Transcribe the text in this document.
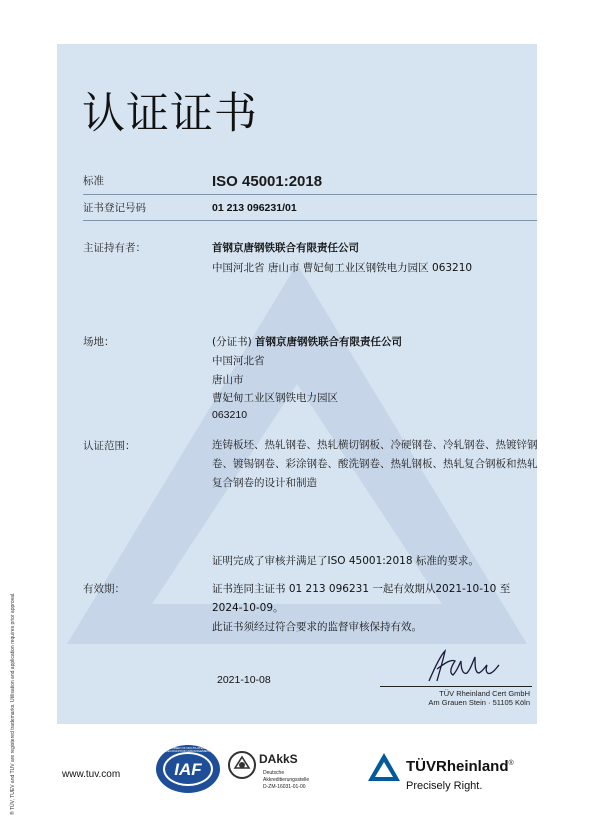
认证证书
标准	ISO 45001:2018
证书登记号码	01 213 096231/01
主证持有者：	首钢京唐钢铁联合有限责任公司
中国河北省 唐山市 曹妃甸工业区钢铁电力园区 063210
场地：	(分证书) 首钢京唐钢铁联合有限责任公司
中国河北省
唐山市
曹妃甸工业区钢铁电力园区
063210
认证范围：	连铸板坯、热轧钢卷、热轧横切钢板、冷硬钢卷、冷轧钢卷、热镀锌钢卷、镀锡钢卷、彩涂钢卷、酸洗钢卷、热轧钢板、热轧复合钢板和热轧复合钢卷的设计和制造
证明完成了审核并满足了ISO 45001:2018 标准的要求。
有效期：	证书连同主证书 01 213 096231 一起有效期从2021-10-10 至
2024-10-09。
此证书须经过符合要求的监督审核保持有效。
2021-10-08
TÜV Rheinland Cert GmbH
Am Grauen Stein · 51105 Köln
® TÜV, TUEV and TUV are registered trademarks. Utilisation and application requires prior approval.	www.tuv.com	IAF
MEMBER OF MULTILATERAL RECOGNITION ARRANGEMENT
DAkkS
Deutsche
Akkreditierungsstelle
D-ZM-16031-01-00
TÜVRheinland®
Precisely Right.
